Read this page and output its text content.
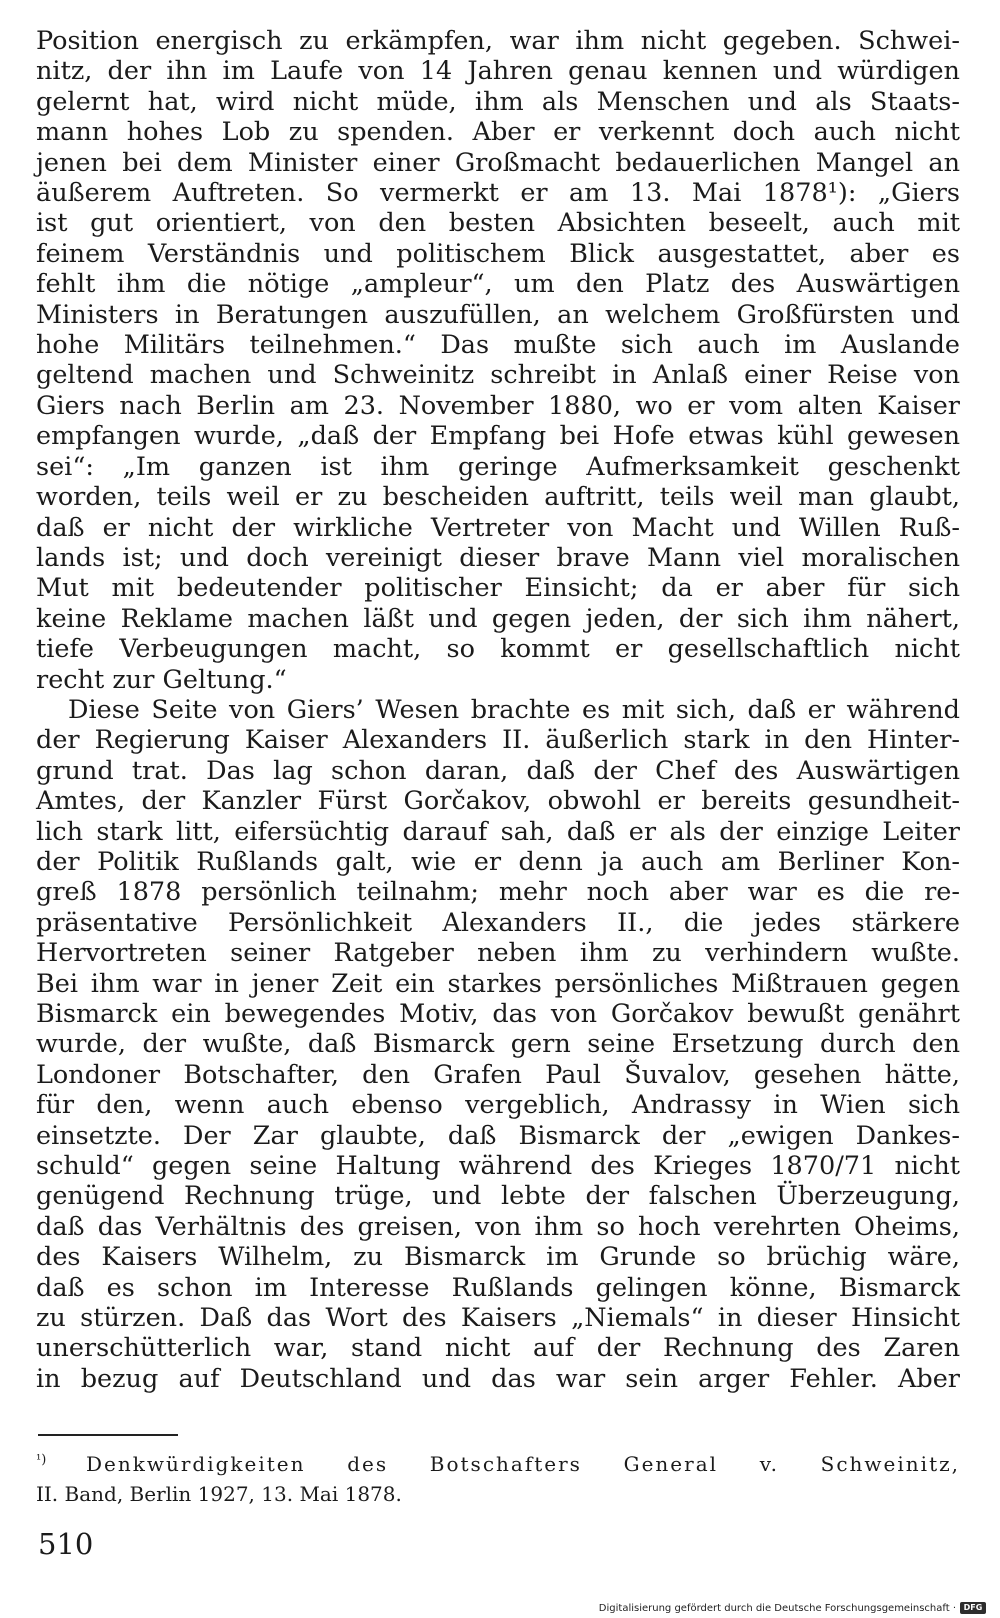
Position energisch zu erkämpfen, war ihm nicht gegeben. Schwei-
nitz, der ihn im Laufe von 14 Jahren genau kennen und würdigen
gelernt hat, wird nicht müde, ihm als Menschen und als Staats-
mann hohes Lob zu spenden. Aber er verkennt doch auch nicht
jenen bei dem Minister einer Großmacht bedauerlichen Mangel an
äußerem Auftreten. So vermerkt er am 13. Mai 1878¹): „Giers
ist gut orientiert, von den besten Absichten beseelt, auch mit
feinem Verständnis und politischem Blick ausgestattet, aber es
fehlt ihm die nötige „ampleur“, um den Platz des Auswärtigen
Ministers in Beratungen auszufüllen, an welchem Großfürsten und
hohe Militärs teilnehmen.“ Das mußte sich auch im Auslande
geltend machen und Schweinitz schreibt in Anlaß einer Reise von
Giers nach Berlin am 23. November 1880, wo er vom alten Kaiser
empfangen wurde, „daß der Empfang bei Hofe etwas kühl gewesen
sei“: „Im ganzen ist ihm geringe Aufmerksamkeit geschenkt
worden, teils weil er zu bescheiden auftritt, teils weil man glaubt,
daß er nicht der wirkliche Vertreter von Macht und Willen Ruß-
lands ist; und doch vereinigt dieser brave Mann viel moralischen
Mut mit bedeutender politischer Einsicht; da er aber für sich
keine Reklame machen läßt und gegen jeden, der sich ihm nähert,
tiefe Verbeugungen macht, so kommt er gesellschaftlich nicht
recht zur Geltung.“
Diese Seite von Giers’ Wesen brachte es mit sich, daß er während
der Regierung Kaiser Alexanders II. äußerlich stark in den Hinter-
grund trat. Das lag schon daran, daß der Chef des Auswärtigen
Amtes, der Kanzler Fürst Gorčakov, obwohl er bereits gesundheit-
lich stark litt, eifersüchtig darauf sah, daß er als der einzige Leiter
der Politik Rußlands galt, wie er denn ja auch am Berliner Kon-
greß 1878 persönlich teilnahm; mehr noch aber war es die re-
präsentative Persönlichkeit Alexanders II., die jedes stärkere
Hervortreten seiner Ratgeber neben ihm zu verhindern wußte.
Bei ihm war in jener Zeit ein starkes persönliches Mißtrauen gegen
Bismarck ein bewegendes Motiv, das von Gorčakov bewußt genährt
wurde, der wußte, daß Bismarck gern seine Ersetzung durch den
Londoner Botschafter, den Grafen Paul Šuvalov, gesehen hätte,
für den, wenn auch ebenso vergeblich, Andrassy in Wien sich
einsetzte. Der Zar glaubte, daß Bismarck der „ewigen Dankes-
schuld“ gegen seine Haltung während des Krieges 1870/71 nicht
genügend Rechnung trüge, und lebte der falschen Überzeugung,
daß das Verhältnis des greisen, von ihm so hoch verehrten Oheims,
des Kaisers Wilhelm, zu Bismarck im Grunde so brüchig wäre,
daß es schon im Interesse Rußlands gelingen könne, Bismarck
zu stürzen. Daß das Wort des Kaisers „Niemals“ in dieser Hinsicht
unerschütterlich war, stand nicht auf der Rechnung des Zaren
in bezug auf Deutschland und das war sein arger Fehler. Aber
$^{^1)}$ Denkwürdigkeiten des Botschafters General v. Schweinitz,
II. Band, Berlin 1927, 13. Mai 1878.
510
Digitalisierung gefördert durch die Deutsche Forschungsgemeinschaft · DFG
